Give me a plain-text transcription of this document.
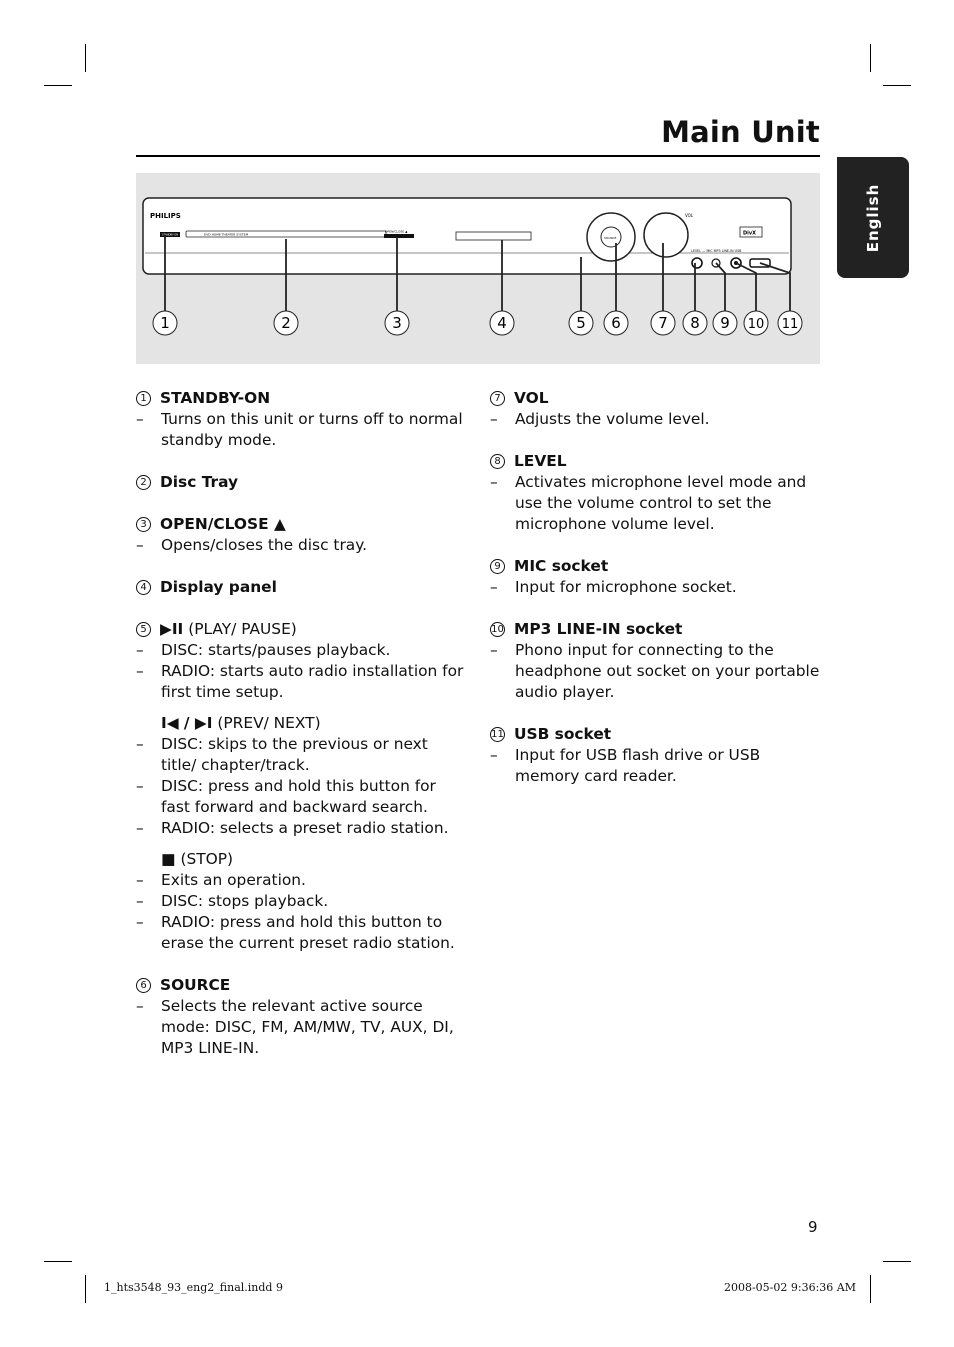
Main Unit
English
PHILIPS
STANDBY-ON	DVD HOME THEATER SYSTEM
OPEN/CLOSE ▲
SOURCE
VOL
LEVEL — MIC MP3 LINE-IN USB
DivX
1	2	3	4	5 6 7 8 9 10 11
1 STANDBY-ON
– Turns on this unit or turns off to normal standby mode.
2 Disc Tray
3 OPEN/CLOSE ▲
– Opens/closes the disc tray.
4 Display panel
5 ▶II (PLAY/ PAUSE)
– DISC: starts/pauses playback.
– RADIO: starts auto radio installation for first time setup.
I◀ / ▶I (PREV/ NEXT)
– DISC: skips to the previous or next title/ chapter/track.
– DISC: press and hold this button for fast forward and backward search.
– RADIO: selects a preset radio station.
■ (STOP)
– Exits an operation.
– DISC: stops playback.
– RADIO: press and hold this button to erase the current preset radio station.
6 SOURCE
– Selects the relevant active source mode: DISC, FM, AM/MW, TV, AUX, DI, MP3 LINE-IN.
7 VOL
– Adjusts the volume level.
8 LEVEL
– Activates microphone level mode and use the volume control to set the microphone volume level.
9 MIC socket
– Input for microphone socket.
10 MP3 LINE-IN socket
– Phono input for connecting to the headphone out socket on your portable audio player.
11 USB socket
– Input for USB flash drive or USB memory card reader.
9
1_hts3548_93_eng2_final.indd 9	2008-05-02 9:36:36 AM
